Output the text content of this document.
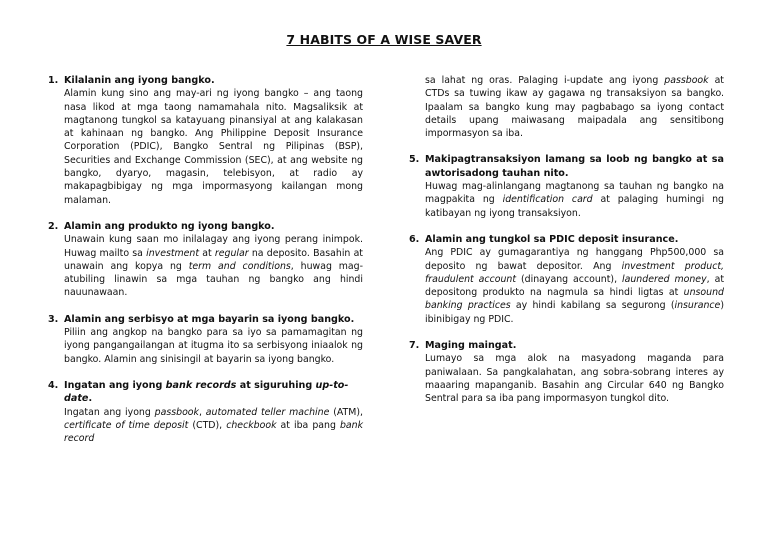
7 HABITS OF A WISE SAVER
1. Kilalanin ang iyong bangko.
Alamin kung sino ang may-ari ng iyong bangko – ang taong nasa likod at mga taong namamahala nito. Magsaliksik at magtanong tungkol sa katayuang pinansiyal at ang kalakasan at kahinaan ng bangko. Ang Philippine Deposit Insurance Corporation (PDIC), Bangko Sentral ng Pilipinas (BSP), Securities and Exchange Commission (SEC), at ang website ng bangko, dyaryo, magasin, telebisyon, at radio ay makapagbibigay ng mga impormasyong kailangan mong malaman.
2. Alamin ang produkto ng iyong bangko.
Unawain kung saan mo inilalagay ang iyong perang inimpok. Huwag mailto sa investment at regular na deposito. Basahin at unawain ang kopya ng term and conditions, huwag mag-atubiling linawin sa mga tauhan ng bangko ang hindi nauunawaan.
3. Alamin ang serbisyo at mga bayarin sa iyong bangko.
Piliin ang angkop na bangko para sa iyo sa pamamagitan ng iyong pangangailangan at itugma ito sa serbisyong iniaalok ng bangko. Alamin ang sinisingil at bayarin sa iyong bangko.
4. Ingatan ang iyong bank records at siguruhing up-to-date.
Ingatan ang iyong passbook, automated teller machine (ATM), certificate of time deposit (CTD), checkbook at iba pang bank record
sa lahat ng oras. Palaging i-update ang iyong passbook at CTDs sa tuwing ikaw ay gagawa ng transaksiyon sa bangko. Ipaalam sa bangko kung may pagbabago sa iyong contact details upang maiwasang maipadala ang sensitibong impormasyon sa iba.
5. Makipagtransaksiyon lamang sa loob ng bangko at sa awtorisadong tauhan nito.
Huwag mag-alinlangang magtanong sa tauhan ng bangko na magpakita ng identification card at palaging humingi ng katibayan ng iyong transaksiyon.
6. Alamin ang tungkol sa PDIC deposit insurance.
Ang PDIC ay gumagarantiya ng hanggang Php500,000 sa deposito ng bawat depositor. Ang investment product, fraudulent account (dinayang account), laundered money, at depositong produkto na nagmula sa hindi ligtas at unsound banking practices ay hindi kabilang sa segurong (insurance) ibinibigay ng PDIC.
7. Maging maingat.
Lumayo sa mga alok na masyadong maganda para paniwalaan. Sa pangkalahatan, ang sobra-sobrang interes ay maaaring mapanganib. Basahin ang Circular 640 ng Bangko Sentral para sa iba pang impormasyon tungkol dito.
